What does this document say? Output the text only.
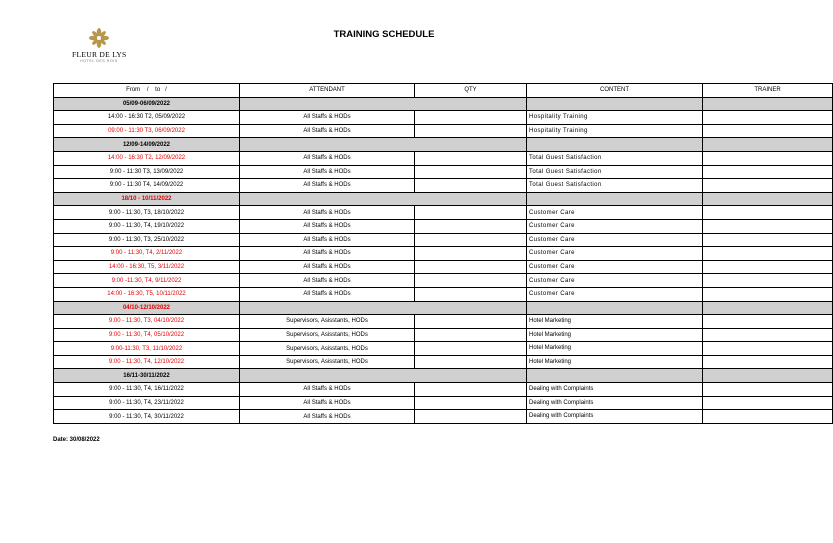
FLEUR DE LYS
HOTEL DES ROIS
TRAINING SCHEDULE
From    /    to   /	ATTENDANT	QTY	CONTENT	TRAINER
05/09-06/09/2022				
14:00 - 16:30 T2, 05/09/2022	All Staffs & HODs		Hospitality Training	
09:00 - 11:30 T3, 06/09/2022	All Staffs & HODs		Hospitality Training	
12/09-14/09/2022				
14:00 - 16:30 T2, 12/09/2022	All Staffs & HODs		Total Guest Satisfaction	
9:00 - 11:30 T3, 13/09/2022	All Staffs & HODs		Total Guest Satisfaction	
9:00 - 11:30 T4, 14/09/2022	All Staffs & HODs		Total Guest Satisfaction	
18/10 - 10/11/2022				
9:00 - 11:30, T3, 18/10/2022	All Staffs & HODs		Customer Care	
9:00 - 11:30, T4, 19/10/2022	All Staffs & HODs		Customer Care	
9:00 - 11:30, T3, 25/10/2022	All Staffs & HODs		Customer Care	
9:00 - 11:30, T4, 2/11/2022	All Staffs & HODs		Customer Care	
14:00 - 16:30, T5, 3/11/2022	All Staffs & HODs		Customer Care	
9:00 -11:30, T4, 9/11/2022	All Staffs & HODs		Customer Care	
14:00 - 16:30, T5, 10/11/2022	All Staffs & HODs		Customer Care	
04/10-12/10/2022				
9:00 - 11:30, T3, 04/10/2022	Supervisors, Asisstants, HODs		Hotel Marketing	
9:00 - 11:30, T4, 05/10/2022	Supervisors, Asisstants, HODs		Hotel Marketing	
9:00-11:30, T3, 11/10/2022	Supervisors, Asisstants, HODs		Hotel Marketing	
9:00 - 11:30, T4, 12/10/2022	Supervisors, Asisstants, HODs		Hotel Marketing	
16/11-30/11/2022				
9:00 - 11:30, T4, 16/11/2022	All Staffs & HODs		Dealing with Complaints	
9:00 - 11:30, T4, 23/11/2022	All Staffs & HODs		Dealing with Complaints	
9:00 - 11:30, T4, 30/11/2022	All Staffs & HODs		Dealing with Complaints	
Date: 30/08/2022
